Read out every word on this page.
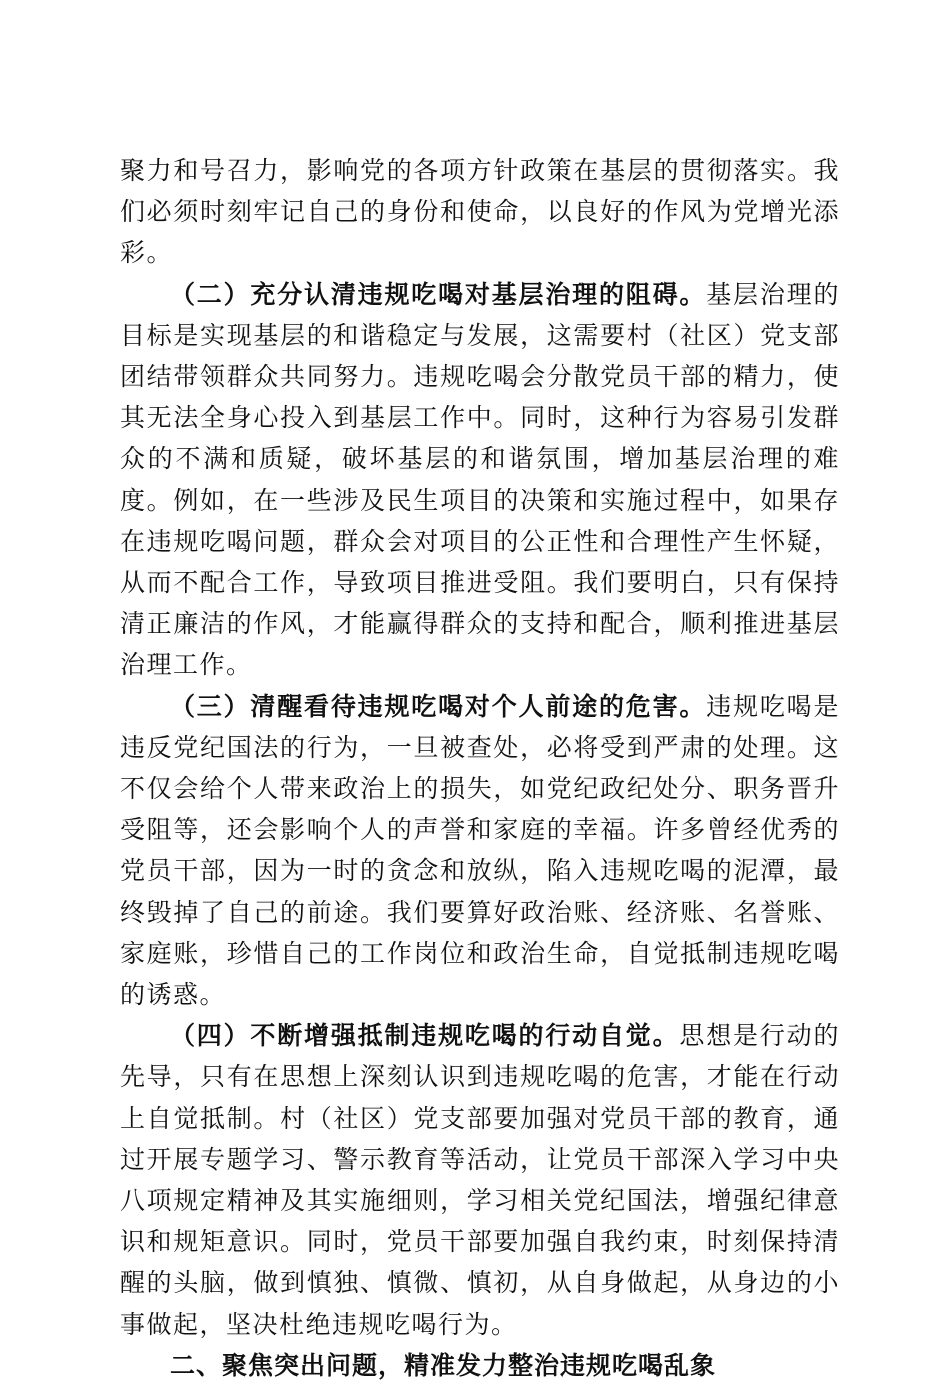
聚力和号召力，影响党的各项方针政策在基层的贯彻落实。我们必须时刻牢记自己的身份和使命，以良好的作风为党增光添彩。

（二）充分认清违规吃喝对基层治理的阻碍。基层治理的目标是实现基层的和谐稳定与发展，这需要村（社区）党支部团结带领群众共同努力。违规吃喝会分散党员干部的精力，使其无法全身心投入到基层工作中。同时，这种行为容易引发群众的不满和质疑，破坏基层的和谐氛围，增加基层治理的难度。例如，在一些涉及民生项目的决策和实施过程中，如果存在违规吃喝问题，群众会对项目的公正性和合理性产生怀疑，从而不配合工作，导致项目推进受阻。我们要明白，只有保持清正廉洁的作风，才能赢得群众的支持和配合，顺利推进基层治理工作。

（三）清醒看待违规吃喝对个人前途的危害。违规吃喝是违反党纪国法的行为，一旦被查处，必将受到严肃的处理。这不仅会给个人带来政治上的损失，如党纪政纪处分、职务晋升受阻等，还会影响个人的声誉和家庭的幸福。许多曾经优秀的党员干部，因为一时的贪念和放纵，陷入违规吃喝的泥潭，最终毁掉了自己的前途。我们要算好政治账、经济账、名誉账、家庭账，珍惜自己的工作岗位和政治生命，自觉抵制违规吃喝的诱惑。

（四）不断增强抵制违规吃喝的行动自觉。思想是行动的先导，只有在思想上深刻认识到违规吃喝的危害，才能在行动上自觉抵制。村（社区）党支部要加强对党员干部的教育，通过开展专题学习、警示教育等活动，让党员干部深入学习中央八项规定精神及其实施细则，学习相关党纪国法，增强纪律意识和规矩意识。同时，党员干部要加强自我约束，时刻保持清醒的头脑，做到慎独、慎微、慎初，从自身做起，从身边的小事做起，坚决杜绝违规吃喝行为。

二、聚焦突出问题，精准发力整治违规吃喝乱象
